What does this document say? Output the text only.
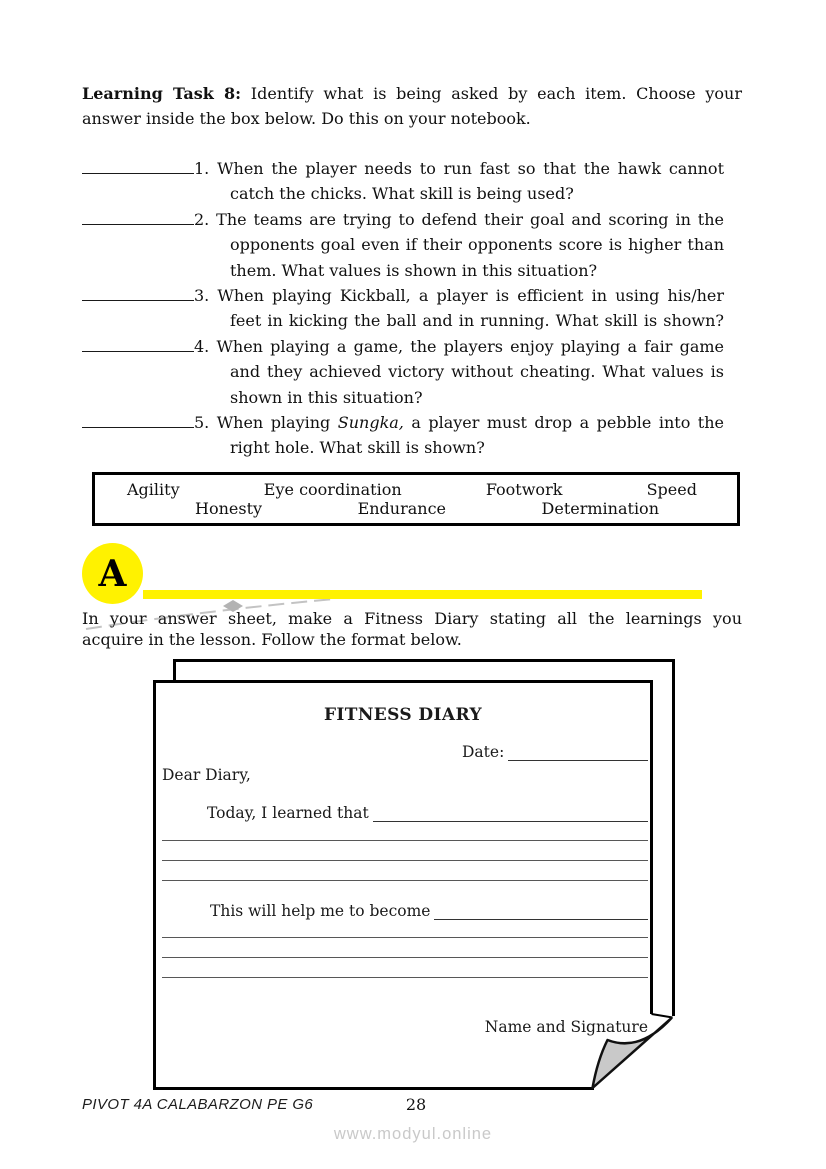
Learning Task 8: Identify what is being asked by each item. Choose your
answer inside the box below. Do this on your notebook.
1. When the player needs to run fast so that the hawk cannot
catch the chicks. What skill is being used?
2. The teams are trying to defend their goal and scoring in the
opponents goal even if their opponents score is higher than
them. What values is shown in this situation?
3. When playing Kickball, a player is efficient in using his/her
feet in kicking the ball and in running. What skill is shown?
4. When playing a game, the players enjoy playing a fair game
and they achieved victory without cheating. What values is
shown in this situation?
5. When playing Sungka, a player must drop a pebble into the
right hole. What skill is shown?
Agility	Eye coordination	Footwork	Speed
Honesty	Endurance	Determination
A
In your answer sheet, make a Fitness Diary stating all the learnings you
acquire in the lesson. Follow the format below.
FITNESS DIARY
Date:
Dear Diary,
Today, I learned that
This will help me to become
Name and Signature
PIVOT 4A CALABARZON PE G6	28
www.modyul.online
